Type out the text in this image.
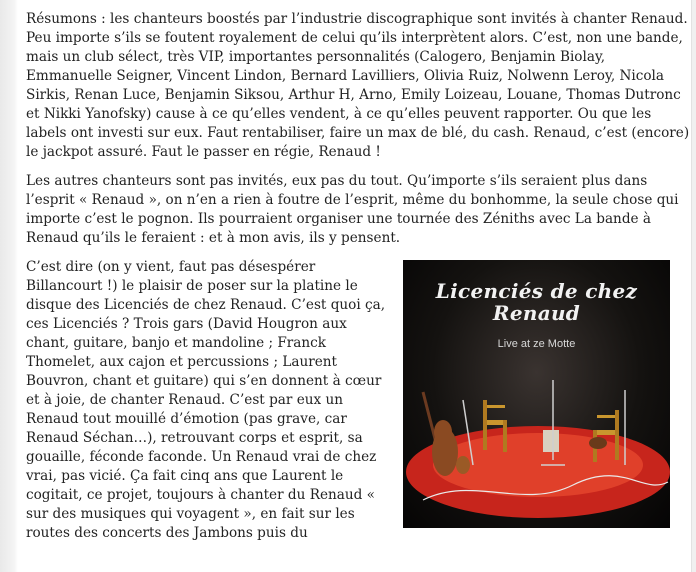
Résumons : les chanteurs boostés par l’industrie discographique sont invités à chanter Renaud. Peu importe s’ils se foutent royalement de celui qu’ils interprètent alors. C’est, non une bande, mais un club sélect, très VIP, importantes personnalités (Calogero, Benjamin Biolay, Emmanuelle Seigner, Vincent Lindon, Bernard Lavilliers, Olivia Ruiz, Nolwenn Leroy, Nicola Sirkis, Renan Luce, Benjamin Siksou, Arthur H, Arno, Emily Loizeau, Louane, Thomas Dutronc et Nikki Yanofsky) cause à ce qu’elles vendent, à ce qu’elles peuvent rapporter. Ou que les labels ont investi sur eux. Faut rentabiliser, faire un max de blé, du cash. Renaud, c’est (encore) le jackpot assuré. Faut le passer en régie, Renaud !

Les autres chanteurs sont pas invités, eux pas du tout. Qu’importe s’ils seraient plus dans l’esprit « Renaud », on n’en a rien à foutre de l’esprit, même du bonhomme, la seule chose qui importe c’est le pognon. Ils pourraient organiser une tournée des Zéniths avec La bande à Renaud qu’ils le feraient : et à mon avis, ils y pensent.

Licenciés de chez
Renaud
Live at ze Motte

C’est dire (on y vient, faut pas désespérer Billancourt !) le plaisir de poser sur la platine le disque des Licenciés de chez Renaud. C’est quoi ça, ces Licenciés ? Trois gars (David Hougron aux chant, guitare, banjo et mandoline ; Franck Thomelet, aux cajon et percussions ; Laurent Bouvron, chant et guitare) qui s’en donnent à cœur et à joie, de chanter Renaud. C’est par eux un Renaud tout mouillé d’émotion (pas grave, car Renaud Séchan…), retrouvant corps et esprit, sa gouaille, féconde faconde. Un Renaud vrai de chez vrai, pas vicié. Ça fait cinq ans que Laurent le cogitait, ce projet, toujours à chanter du Renaud « sur des musiques qui voyagent », en fait sur les routes des concerts des Jambons puis du
